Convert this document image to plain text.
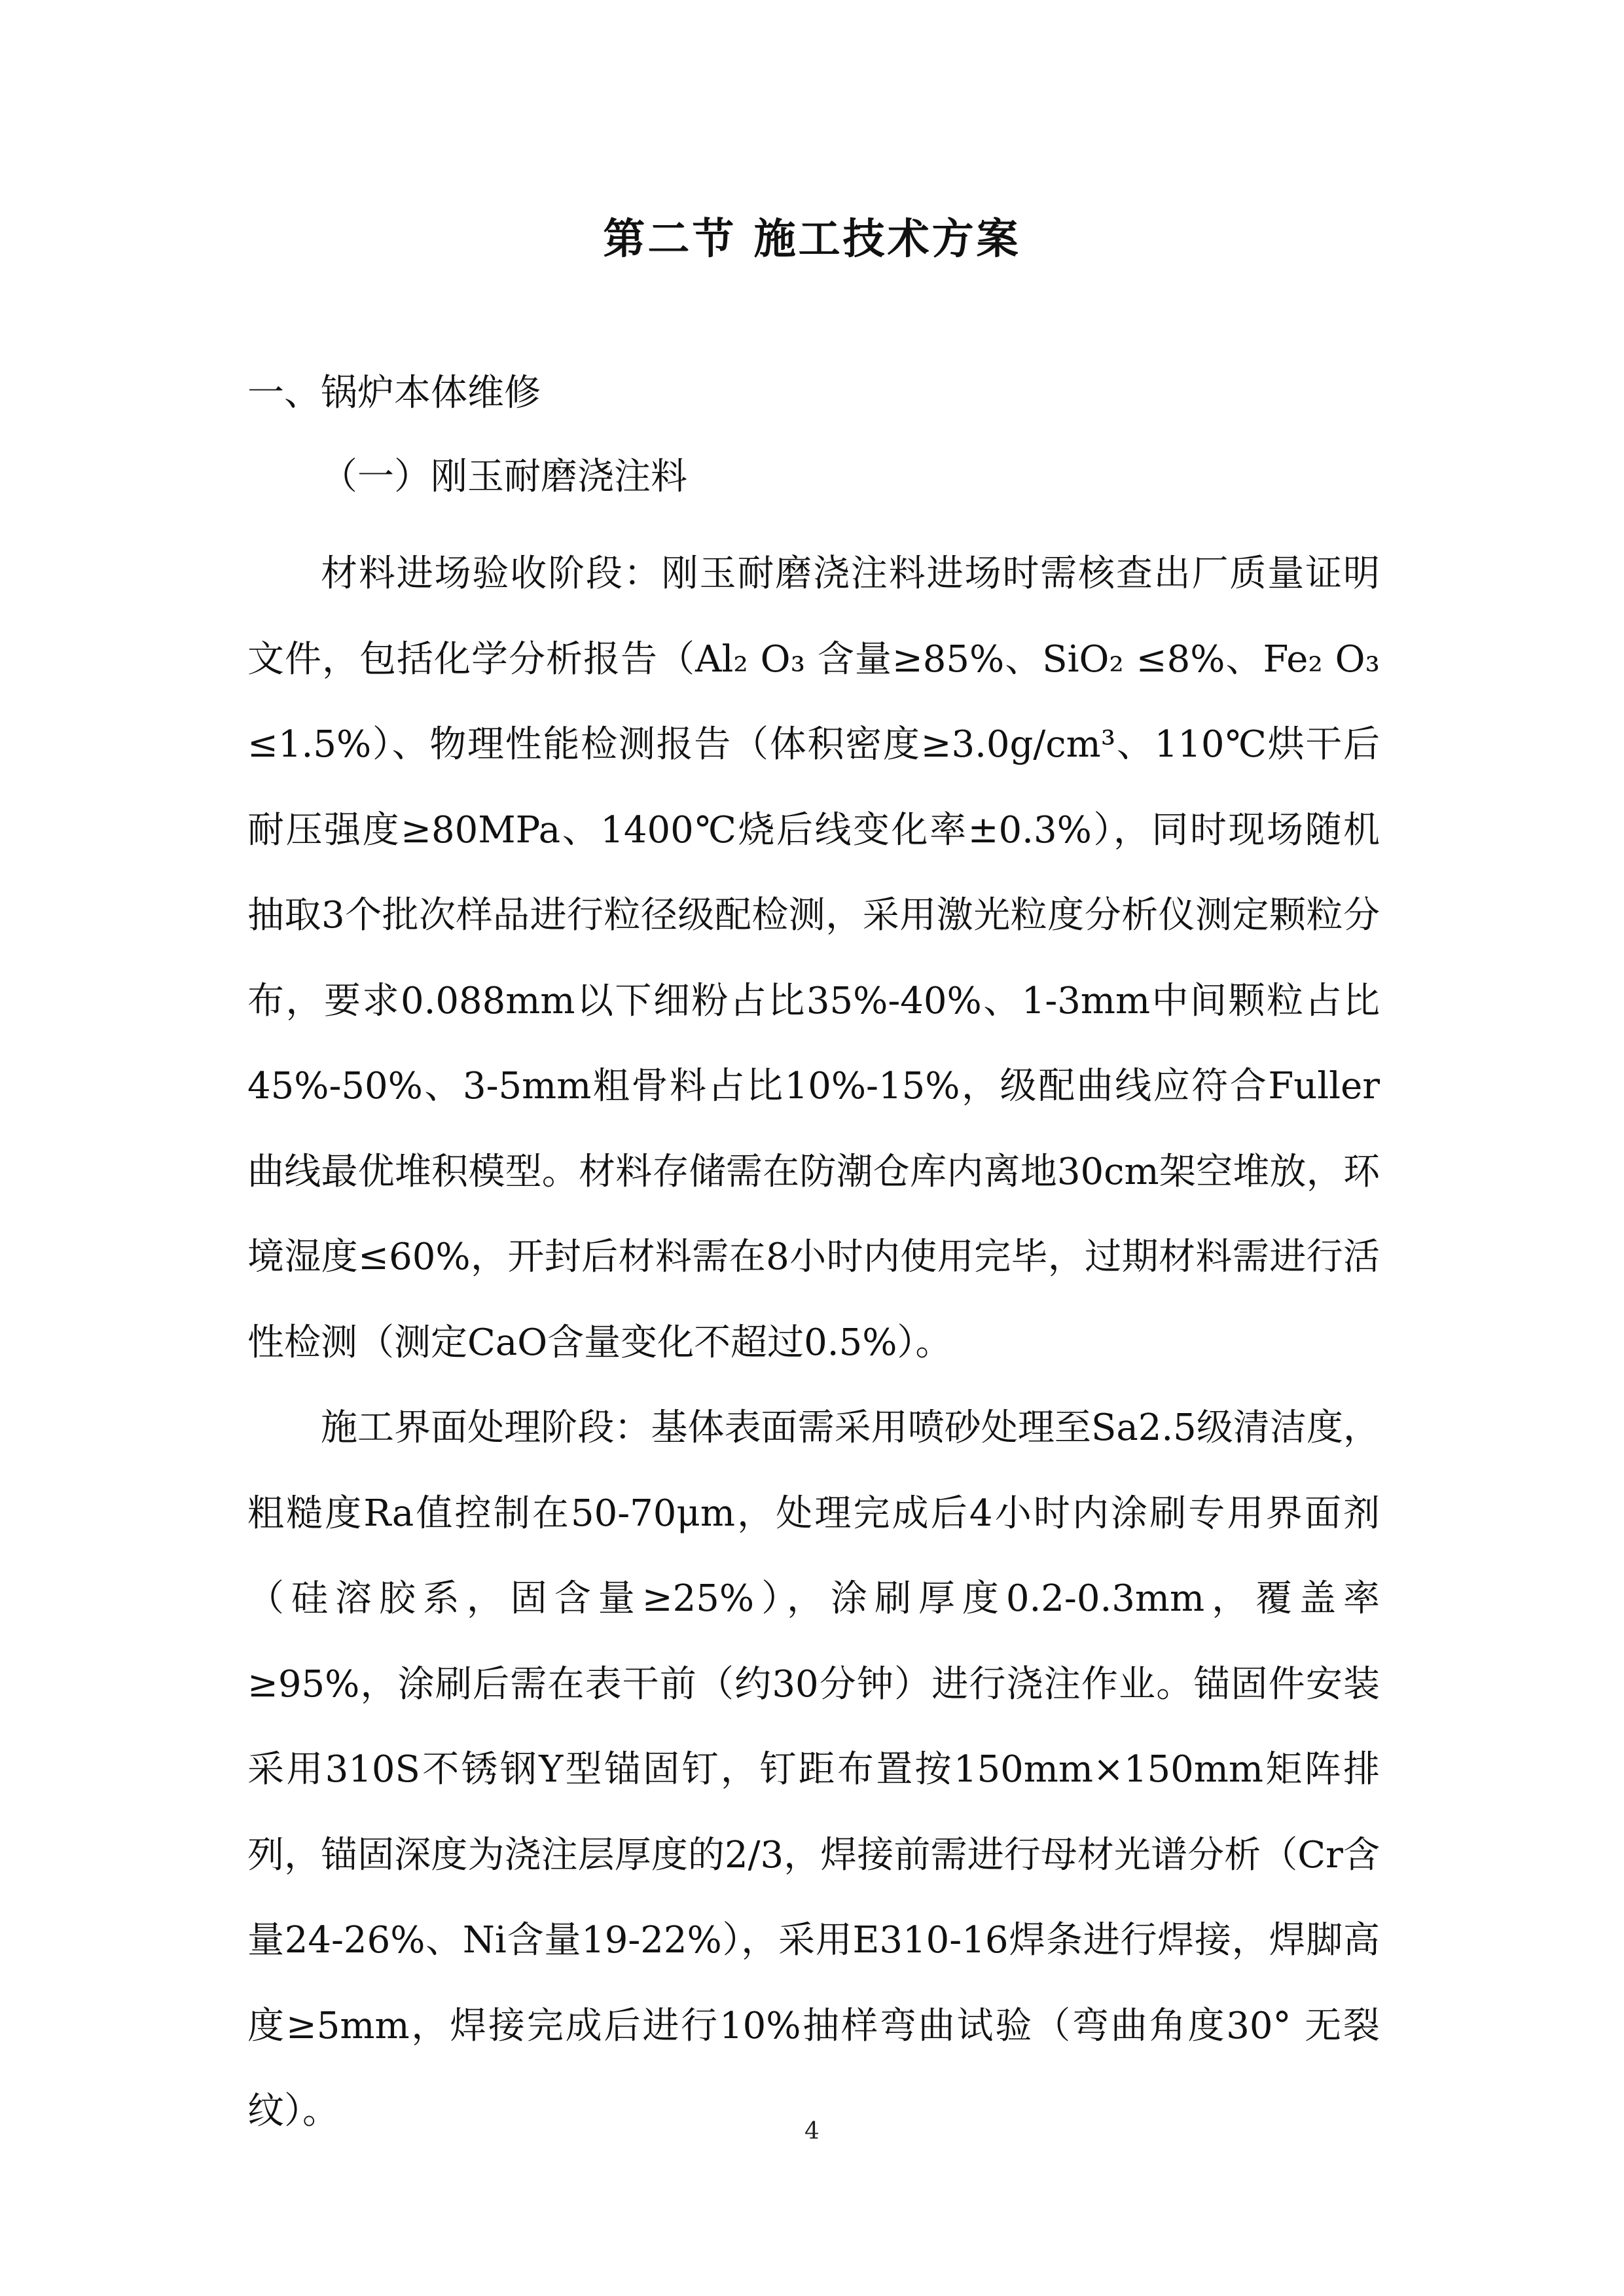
第二节 施工技术方案
一、锅炉本体维修
（一）刚玉耐磨浇注料

材料进场验收阶段：刚玉耐磨浇注料进场时需核查出厂质量证明文件，包括化学分析报告（Al₂ O₃ 含量≥85%、SiO₂ ≤8%、Fe₂ O₃ ≤1.5%）、物理性能检测报告（体积密度≥3.0g/cm³、110℃烘干后耐压强度≥80MPa、1400℃烧后线变化率±0.3%），同时现场随机抽取3个批次样品进行粒径级配检测，采用激光粒度分析仪测定颗粒分布，要求0.088mm以下细粉占比35%-40%、1-3mm中间颗粒占比45%-50%、3-5mm粗骨料占比10%-15%，级配曲线应符合Fuller曲线最优堆积模型。材料存储需在防潮仓库内离地30cm架空堆放，环境湿度≤60%，开封后材料需在8小时内使用完毕，过期材料需进行活性检测（测定CaO含量变化不超过0.5%）。

施工界面处理阶段：基体表面需采用喷砂处理至Sa2.5级清洁度，粗糙度Ra值控制在50-70μm，处理完成后4小时内涂刷专用界面剂（硅溶胶系，固含量≥25%），涂刷厚度0.2-0.3mm，覆盖率≥95%，涂刷后需在表干前（约30分钟）进行浇注作业。锚固件安装采用310S不锈钢Y型锚固钉，钉距布置按150mm×150mm矩阵排列，锚固深度为浇注层厚度的2/3，焊接前需进行母材光谱分析（Cr含量24-26%、Ni含量19-22%），采用E310-16焊条进行焊接，焊脚高度≥5mm，焊接完成后进行10%抽样弯曲试验（弯曲角度30° 无裂纹）。	4
